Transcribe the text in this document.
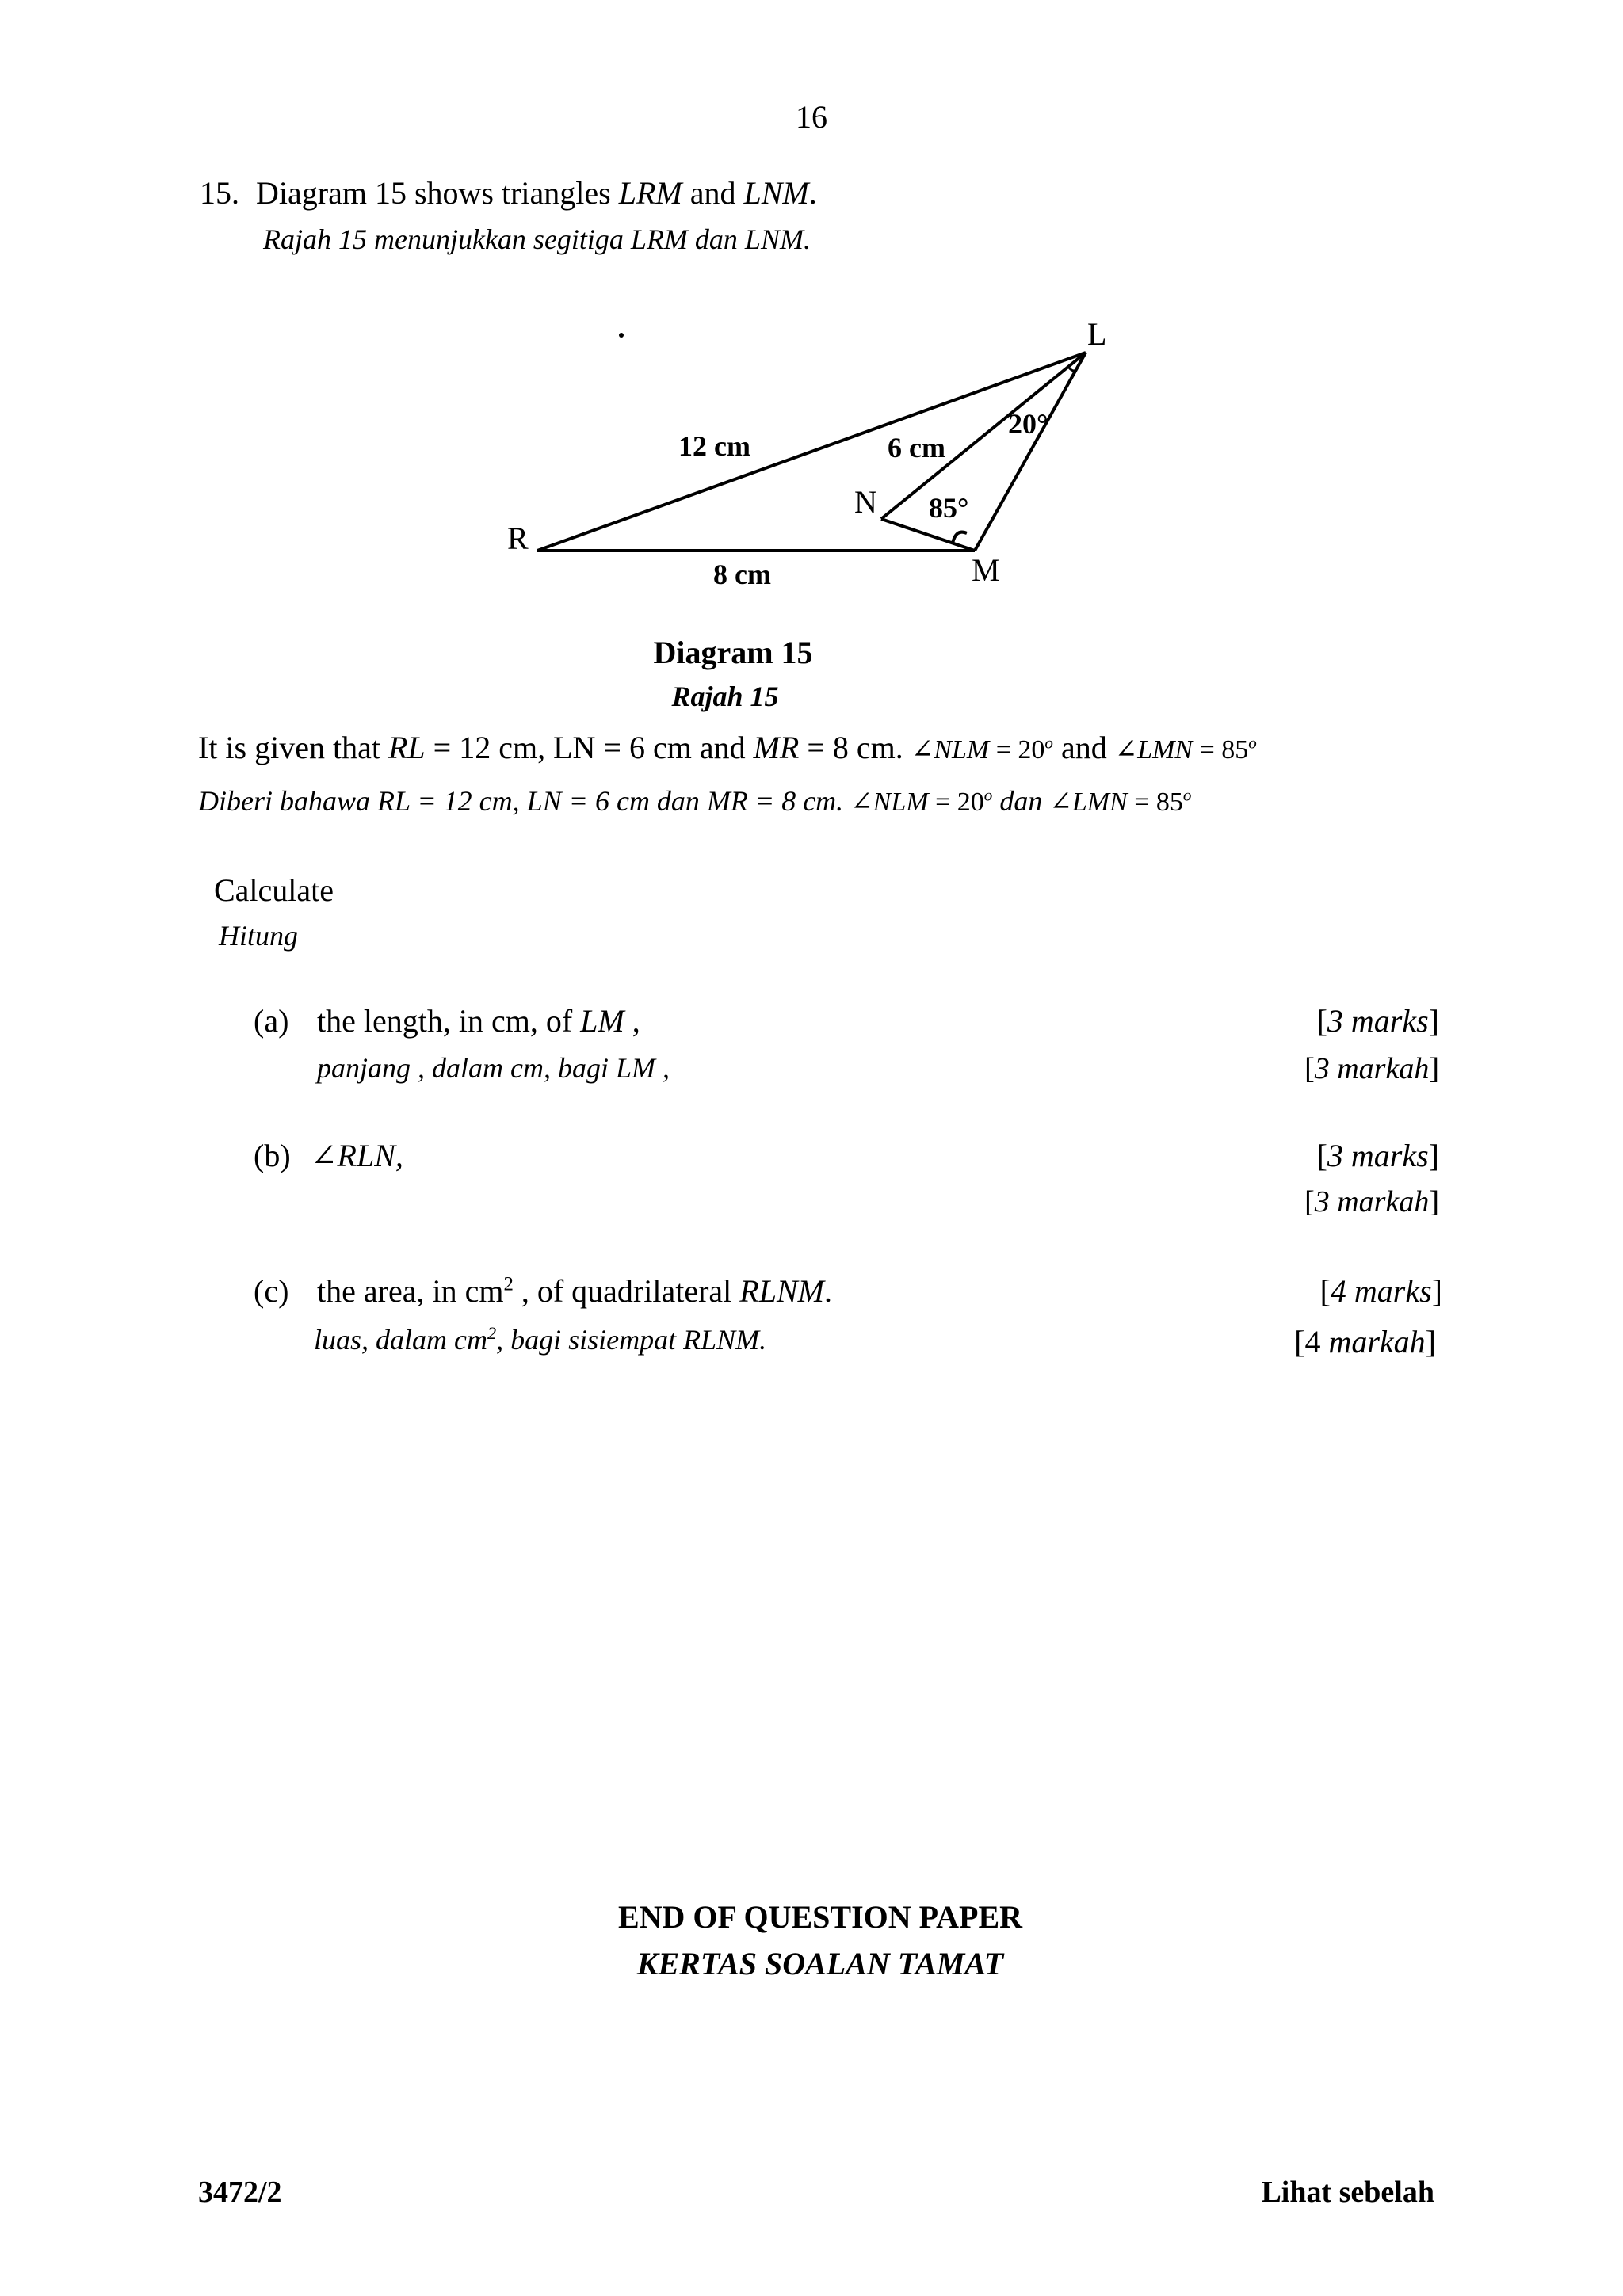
16
15. Diagram 15 shows triangles LRM and LNM.
Rajah 15 menunjukkan segitiga LRM dan LNM.
L
R
M
N
12 cm	6 cm
8 cm
20°
85°
Diagram 15
Rajah 15
It is given that RL = 12 cm, LN = 6 cm and MR = 8 cm. ∠NLM = $20^o$ and ∠LMN = $85^o$
Diberi bahawa RL = 12 cm, LN = 6 cm dan MR = 8 cm. ∠NLM = $20^o$ dan ∠LMN = $85^o$
Calculate
Hitung
(a) the length, in cm, of LM ,
panjang , dalam cm, bagi LM ,
[3 marks]
[3 markah]
(b) ∠RLN,	[3 marks]
[3 markah]
(c) the area, in $cm^2$ , of quadrilateral RLNM.
luas, dalam $cm^2$, bagi sisiempat RLNM.
[4 marks]
[4 markah]
END OF QUESTION PAPER
KERTAS SOALAN TAMAT
3472/2	Lihat sebelah
